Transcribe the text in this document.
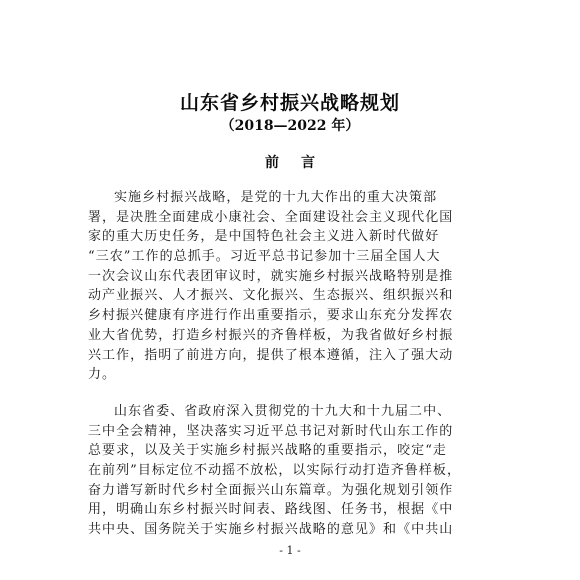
山东省乡村振兴战略规划
（2018—2022 年）
前言
实施乡村振兴战略，是党的十九大作出的重大决策部
署，是决胜全面建成小康社会、全面建设社会主义现代化国
家的重大历史任务，是中国特色社会主义进入新时代做好
“三农”工作的总抓手。习近平总书记参加十三届全国人大
一次会议山东代表团审议时，就实施乡村振兴战略特别是推
动产业振兴、人才振兴、文化振兴、生态振兴、组织振兴和
乡村振兴健康有序进行作出重要指示，要求山东充分发挥农
业大省优势，打造乡村振兴的齐鲁样板，为我省做好乡村振
兴工作，指明了前进方向，提供了根本遵循，注入了强大动
力。
山东省委、省政府深入贯彻党的十九大和十九届二中、
三中全会精神，坚决落实习近平总书记对新时代山东工作的
总要求，以及关于实施乡村振兴战略的重要指示，咬定“走
在前列”目标定位不动摇不放松，以实际行动打造齐鲁样板，
奋力谱写新时代乡村全面振兴山东篇章。为强化规划引领作
用，明确山东乡村振兴时间表、路线图、任务书，根据《中
共中央、国务院关于实施乡村振兴战略的意见》和《中共山
- 1 -
